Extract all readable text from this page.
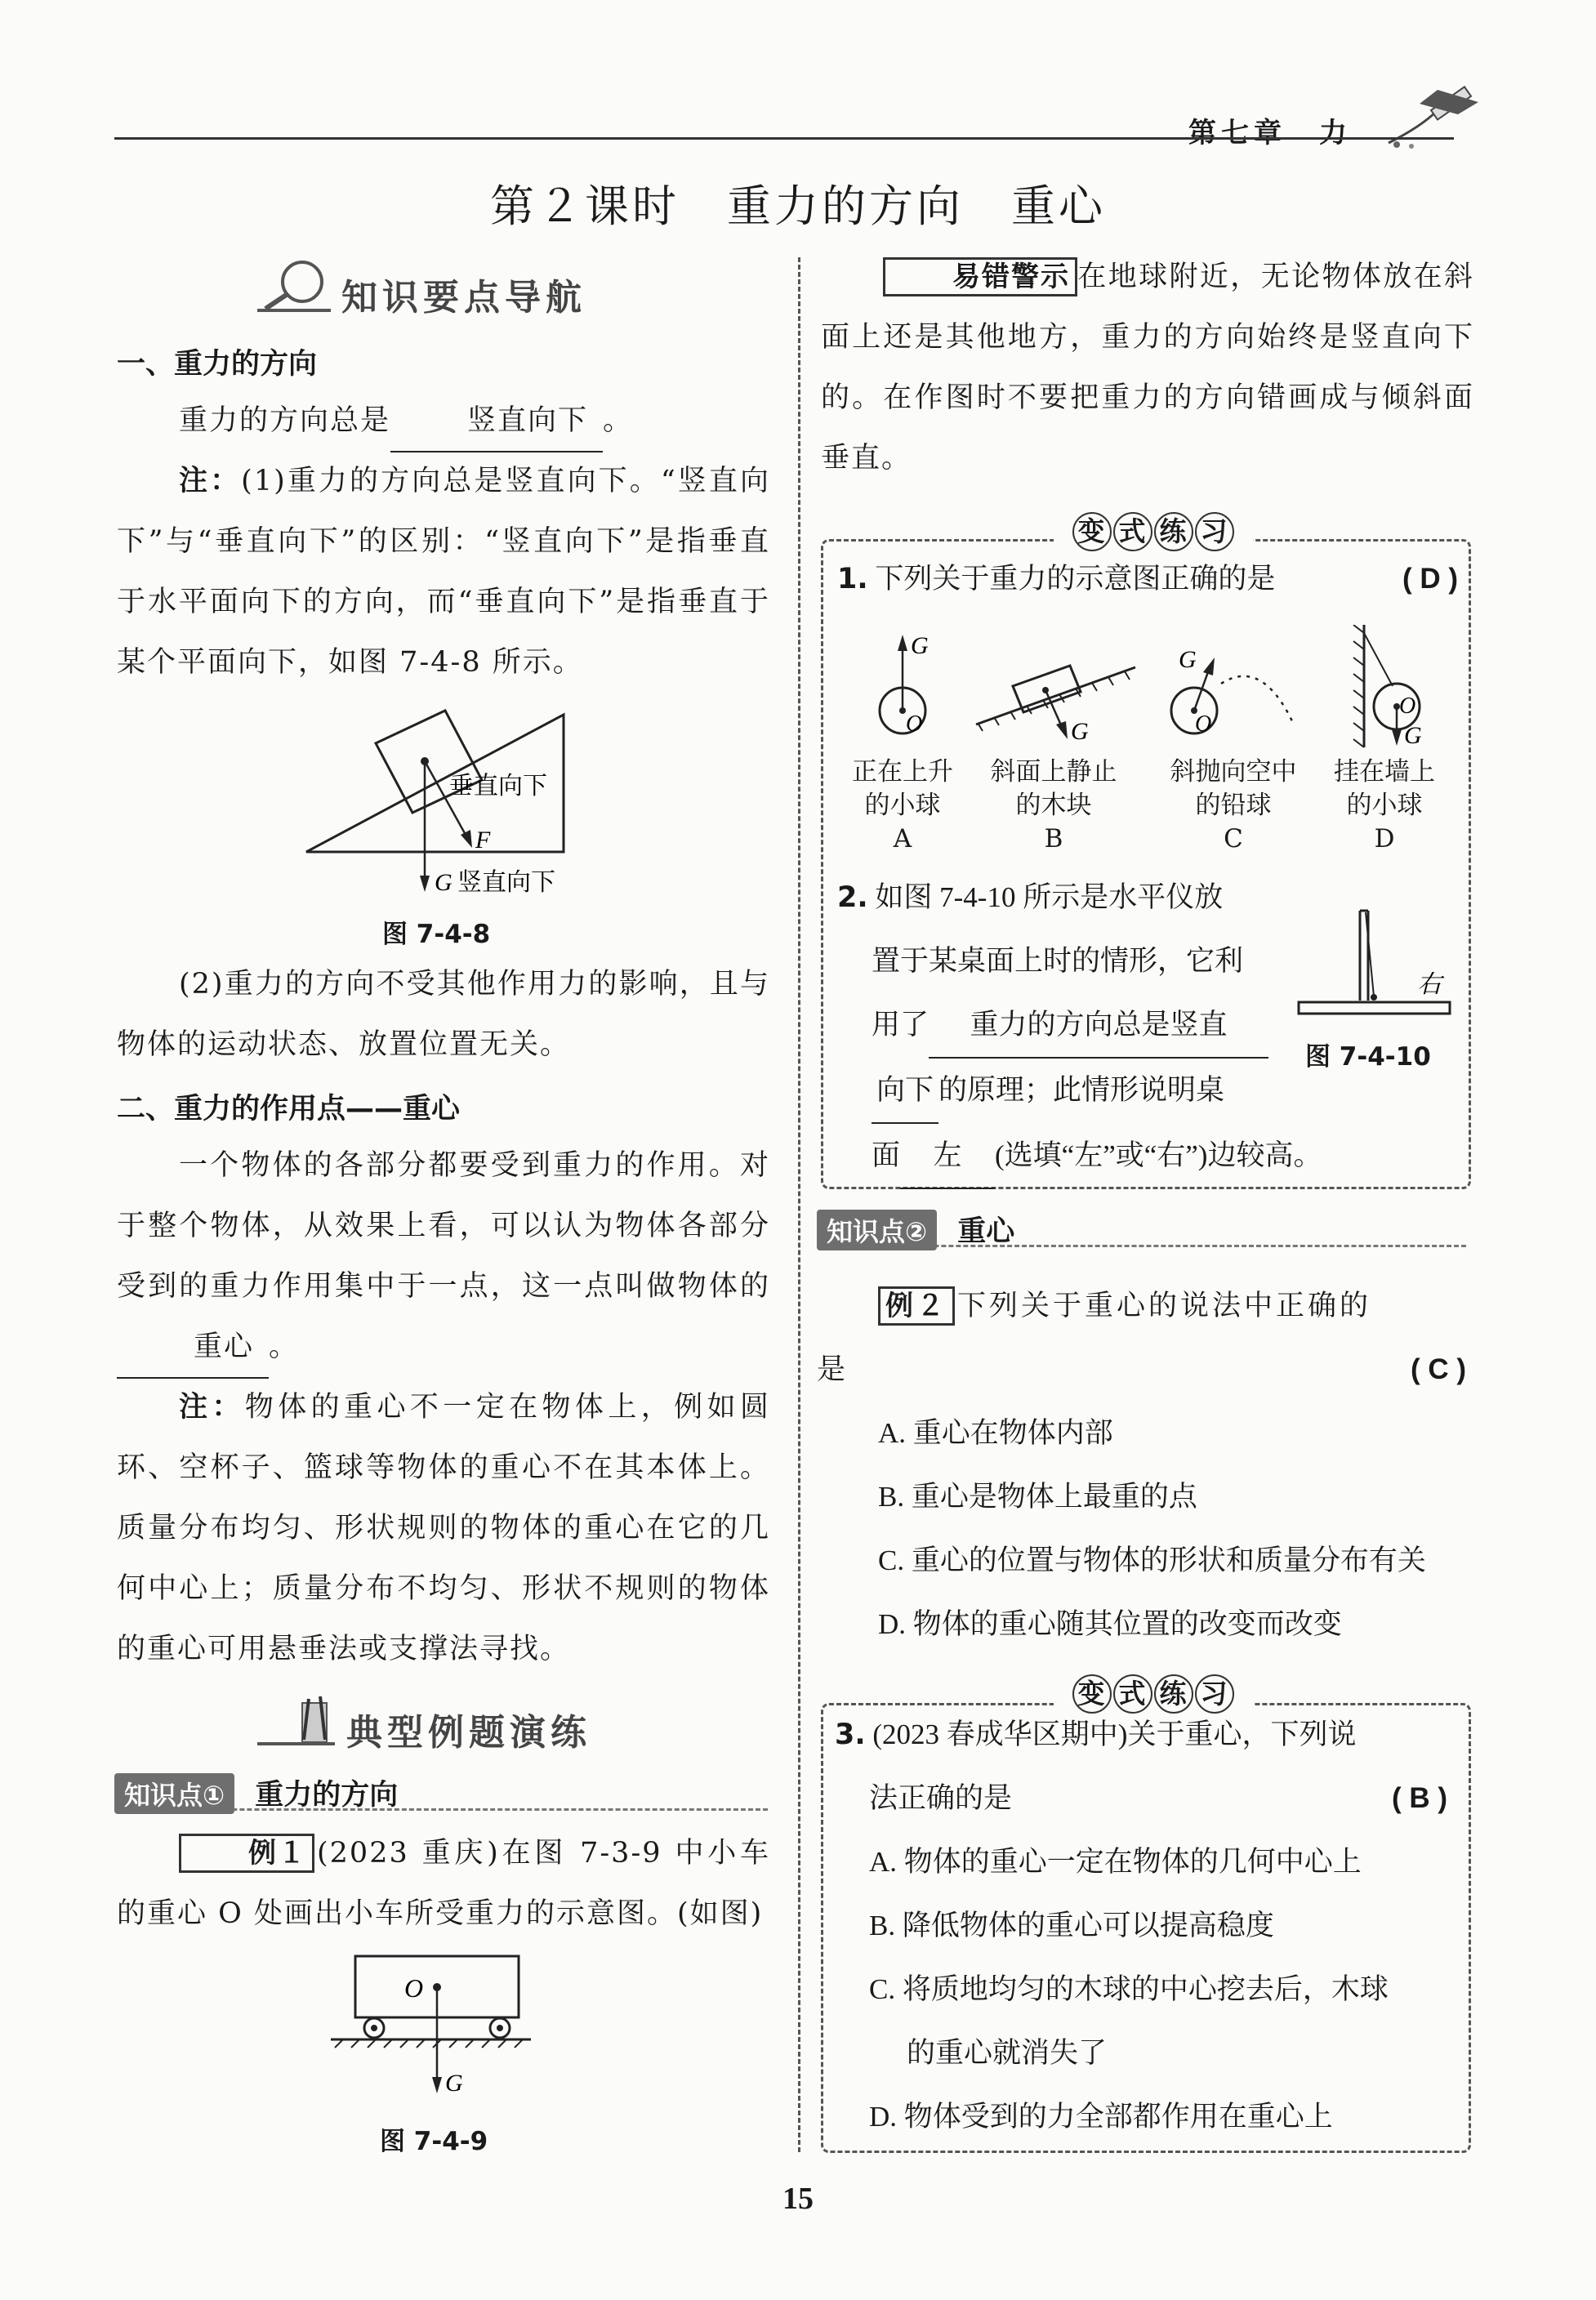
第七章　力
第２课时　重力的方向　重心
知识要点导航
一、重力的方向
重力的方向总是	竖直向下 。
注：(1)重力的方向总是竖直向下。“竖直向下”与“垂直向下”的区别：“竖直向下”是指垂直于水平面向下的方向，而“垂直向下”是指垂直于某个平面向下，如图 7-4-8 所示。
垂直向下
F
G 竖直向下
图 7-4-8
(2)重力的方向不受其他作用力的影响，且与物体的运动状态、放置位置无关。
二、重力的作用点——重心
一个物体的各部分都要受到重力的作用。对于整个物体，从效果上看，可以认为物体各部分受到的重力作用集中于一点，这一点叫做物体的重心 。
注：物体的重心不一定在物体上，例如圆环、空杯子、篮球等物体的重心不在其本体上。质量分布均匀、形状规则的物体的重心在它的几何中心上；质量分布不均匀、形状不规则的物体的重心可用悬垂法或支撑法寻找。
典型例题演练
知识点① 重力的方向
例１ (2023 重庆)在图 7-3-9 中小车的重心 O 处画出小车所受重力的示意图。(如图)
O
G
图 7-4-9
易错警示 在地球附近，无论物体放在斜面上还是其他地方，重力的方向始终是竖直向下的。在作图时不要把重力的方向错画成与倾斜面垂直。
变 式 练 习
1. 下列关于重力的示意图正确的是	( D )
G
O	G
G
O
O
G
正在上升
的小球
A
斜面上静止
的木块
B
斜抛向空中
的铅球
C
挂在墙上
的小球
D
2. 如图 7-4-10 所示是水平仪放
置于某桌面上时的情形，它利
用了 重力的方向总是竖直
向下 的原理；此情形说明桌
面 左 (选填“左”或“右”)边较高。
右
图 7-4-10
知识点② 重心
例２ 下列关于重心的说法中正确的
是	( C )
A. 重心在物体内部
B. 重心是物体上最重的点
C. 重心的位置与物体的形状和质量分布有关
D. 物体的重心随其位置的改变而改变
变 式 练 习
3. (2023 春成华区期中)关于重心，下列说
法正确的是	( B )
A. 物体的重心一定在物体的几何中心上
B. 降低物体的重心可以提高稳度
C. 将质地均匀的木球的中心挖去后，木球
的重心就消失了
D. 物体受到的力全部都作用在重心上
15
